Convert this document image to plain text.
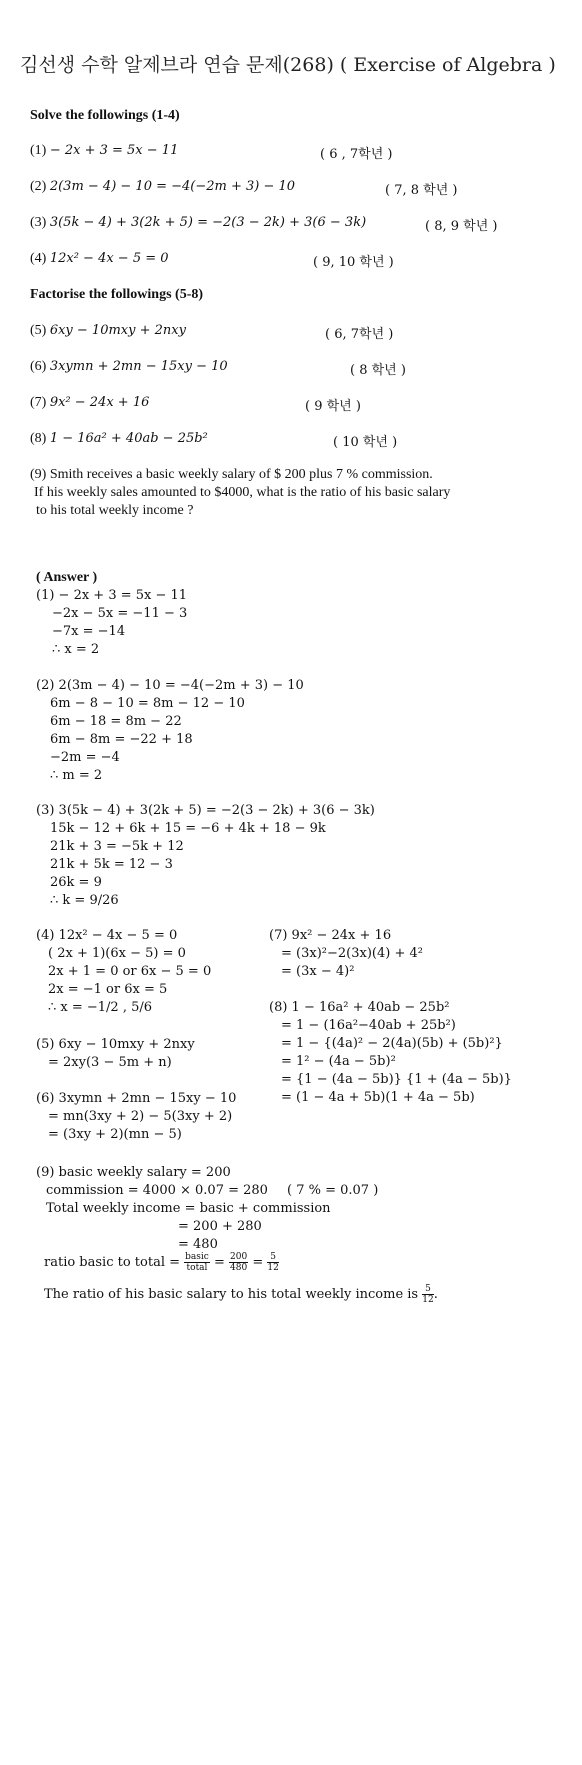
김선생 수학 알제브라 연습 문제(268) ( Exercise of Algebra )
Solve the followings (1-4)
(1) − 2x + 3 = 5x − 11	( 6 , 7학년 )
(2) 2(3m − 4) − 10 = −4(−2m + 3) − 10	( 7, 8 학년 )
(3) 3(5k − 4) + 3(2k + 5) = −2(3 − 2k) + 3(6 − 3k)	( 8, 9 학년 )
(4) 12x² − 4x − 5 = 0	( 9, 10 학년 )
Factorise the followings (5-8)
(5) 6xy − 10mxy + 2nxy	( 6, 7학년 )
(6) 3xymn + 2mn − 15xy − 10	( 8 학년 )
(7) 9x² − 24x + 16	( 9 학년 )
(8) 1 − 16a² + 40ab − 25b²	( 10 학년 )
(9) Smith receives a basic weekly salary of $ 200 plus 7 % commission.
If his weekly sales amounted to $4000, what is the ratio of his basic salary
to his total weekly income ?
( Answer )
(1) − 2x + 3 = 5x − 11
−2x − 5x = −11 − 3
−7x = −14
∴ x = 2
(2) 2(3m − 4) − 10 = −4(−2m + 3) − 10
6m − 8 − 10 = 8m − 12 − 10
6m − 18 = 8m − 22
6m − 8m = −22 + 18
−2m = −4
∴ m = 2
(3) 3(5k − 4) + 3(2k + 5) = −2(3 − 2k) + 3(6 − 3k)
15k − 12 + 6k + 15 = −6 + 4k + 18 − 9k
21k + 3 = −5k + 12
21k + 5k = 12 − 3
26k = 9
∴ k = 9/26
(4) 12x² − 4x − 5 = 0
( 2x + 1)(6x − 5) = 0
2x + 1 = 0 or 6x − 5 = 0
2x = −1 or 6x = 5
∴ x = −1/2 , 5/6
(5) 6xy − 10mxy + 2nxy
= 2xy(3 − 5m + n)
(6) 3xymn + 2mn − 15xy − 10
= mn(3xy + 2) − 5(3xy + 2)
= (3xy + 2)(mn − 5)
(7) 9x² − 24x + 16
= (3x)²−2(3x)(4) + 4²
= (3x − 4)²
(8) 1 − 16a² + 40ab − 25b²
= 1 − (16a²−40ab + 25b²)
= 1 − {(4a)² − 2(4a)(5b) + (5b)²}
= 1² − (4a − 5b)²
= {1 − (4a − 5b)} {1 + (4a − 5b)}
= (1 − 4a + 5b)(1 + 4a − 5b)
(9) basic weekly salary = 200
commission = 4000 × 0.07 = 280 ( 7 % = 0.07 )
Total weekly income = basic + commission
= 200 + 280
= 480
ratio basic to total = $\frac{\text{basic}}{\text{total}} = \frac{200}{480} = \frac{5}{12}$
The ratio of his basic salary to his total weekly income is $\frac{5}{12}$ .
